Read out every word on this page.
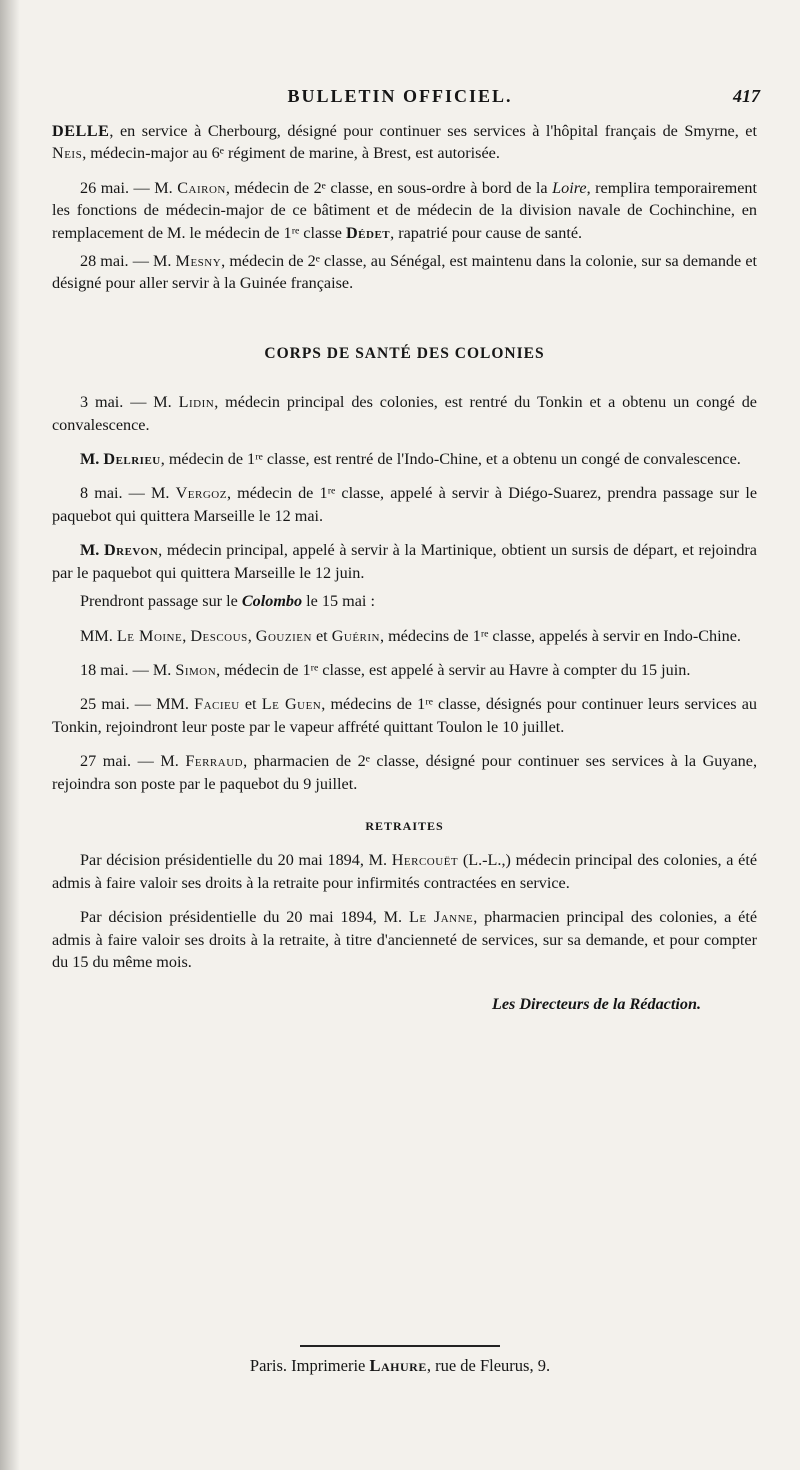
BULLETIN OFFICIEL.	417

DELLE, en service à Cherbourg, désigné pour continuer ses services à l'hôpital français de Smyrne, et Neis, médecin-major au 6ᵉ régiment de marine, à Brest, est autorisée.

26 mai. — M. Cairon, médecin de 2ᵉ classe, en sous-ordre à bord de la Loire, remplira temporairement les fonctions de médecin-major de ce bâtiment et de médecin de la division navale de Cochinchine, en remplacement de M. le médecin de 1ʳᵉ classe Dédet, rapatrié pour cause de santé.

28 mai. — M. Mesny, médecin de 2ᵉ classe, au Sénégal, est maintenu dans la colonie, sur sa demande et désigné pour aller servir à la Guinée française.

CORPS DE SANTÉ DES COLONIES

3 mai. — M. Lidin, médecin principal des colonies, est rentré du Tonkin et a obtenu un congé de convalescence.

M. Delrieu, médecin de 1ʳᵉ classe, est rentré de l'Indo-Chine, et a obtenu un congé de convalescence.

8 mai. — M. Vergoz, médecin de 1ʳᵉ classe, appelé à servir à Diégo-Suarez, prendra passage sur le paquebot qui quittera Marseille le 12 mai.

M. Drevon, médecin principal, appelé à servir à la Martinique, obtient un sursis de départ, et rejoindra par le paquebot qui quittera Marseille le 12 juin.

Prendront passage sur le Colombo le 15 mai :

MM. Le Moine, Descous, Gouzien et Guérin, médecins de 1ʳᵉ classe, appelés à servir en Indo-Chine.

18 mai. — M. Simon, médecin de 1ʳᵉ classe, est appelé à servir au Havre à compter du 15 juin.

25 mai. — MM. Facieu et Le Guen, médecins de 1ʳᵉ classe, désignés pour continuer leurs services au Tonkin, rejoindront leur poste par le vapeur affrété quittant Toulon le 10 juillet.

27 mai. — M. Ferraud, pharmacien de 2ᵉ classe, désigné pour continuer ses services à la Guyane, rejoindra son poste par le paquebot du 9 juillet.

RETRAITES

Par décision présidentielle du 20 mai 1894, M. Hercouët (L.-L.,) médecin principal des colonies, a été admis à faire valoir ses droits à la retraite pour infirmités contractées en service.

Par décision présidentielle du 20 mai 1894, M. Le Janne, pharmacien principal des colonies, a été admis à faire valoir ses droits à la retraite, à titre d'ancienneté de services, sur sa demande, et pour compter du 15 du même mois.

Les Directeurs de la Rédaction.

Paris. Imprimerie Lahure, rue de Fleurus, 9.
